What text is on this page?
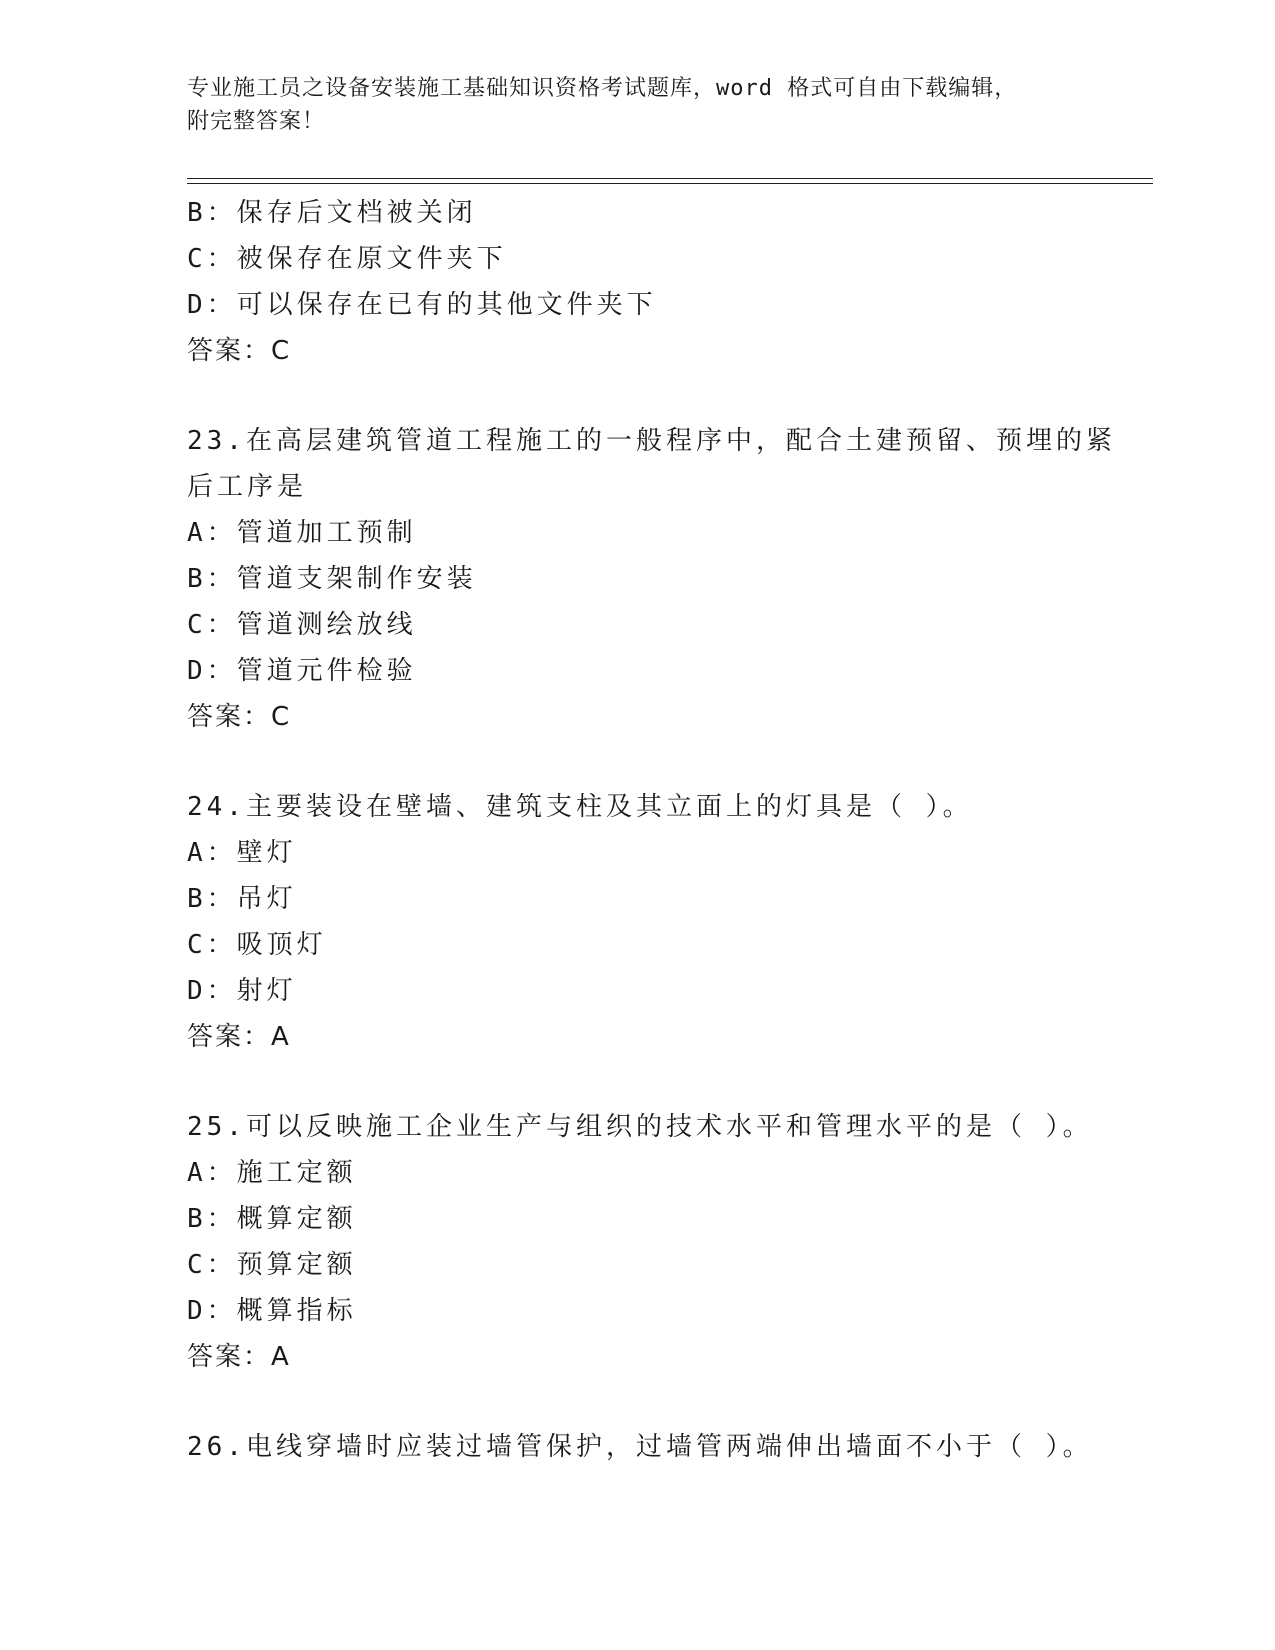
专业施工员之设备安装施工基础知识资格考试题库，word 格式可自由下载编辑，
附完整答案！
B：保存后文档被关闭
C：被保存在原文件夹下
D：可以保存在已有的其他文件夹下
答案：C
23.在高层建筑管道工程施工的一般程序中，配合土建预留、预埋的紧
后工序是
A：管道加工预制
B：管道支架制作安装
C：管道测绘放线
D：管道元件检验
答案：C
24.主要装设在壁墙、建筑支柱及其立面上的灯具是（ ）。
A：壁灯
B：吊灯
C：吸顶灯
D：射灯
答案：A
25.可以反映施工企业生产与组织的技术水平和管理水平的是（ ）。
A：施工定额
B：概算定额
C：预算定额
D：概算指标
答案：A
26.电线穿墙时应装过墙管保护，过墙管两端伸出墙面不小于（ ）。
